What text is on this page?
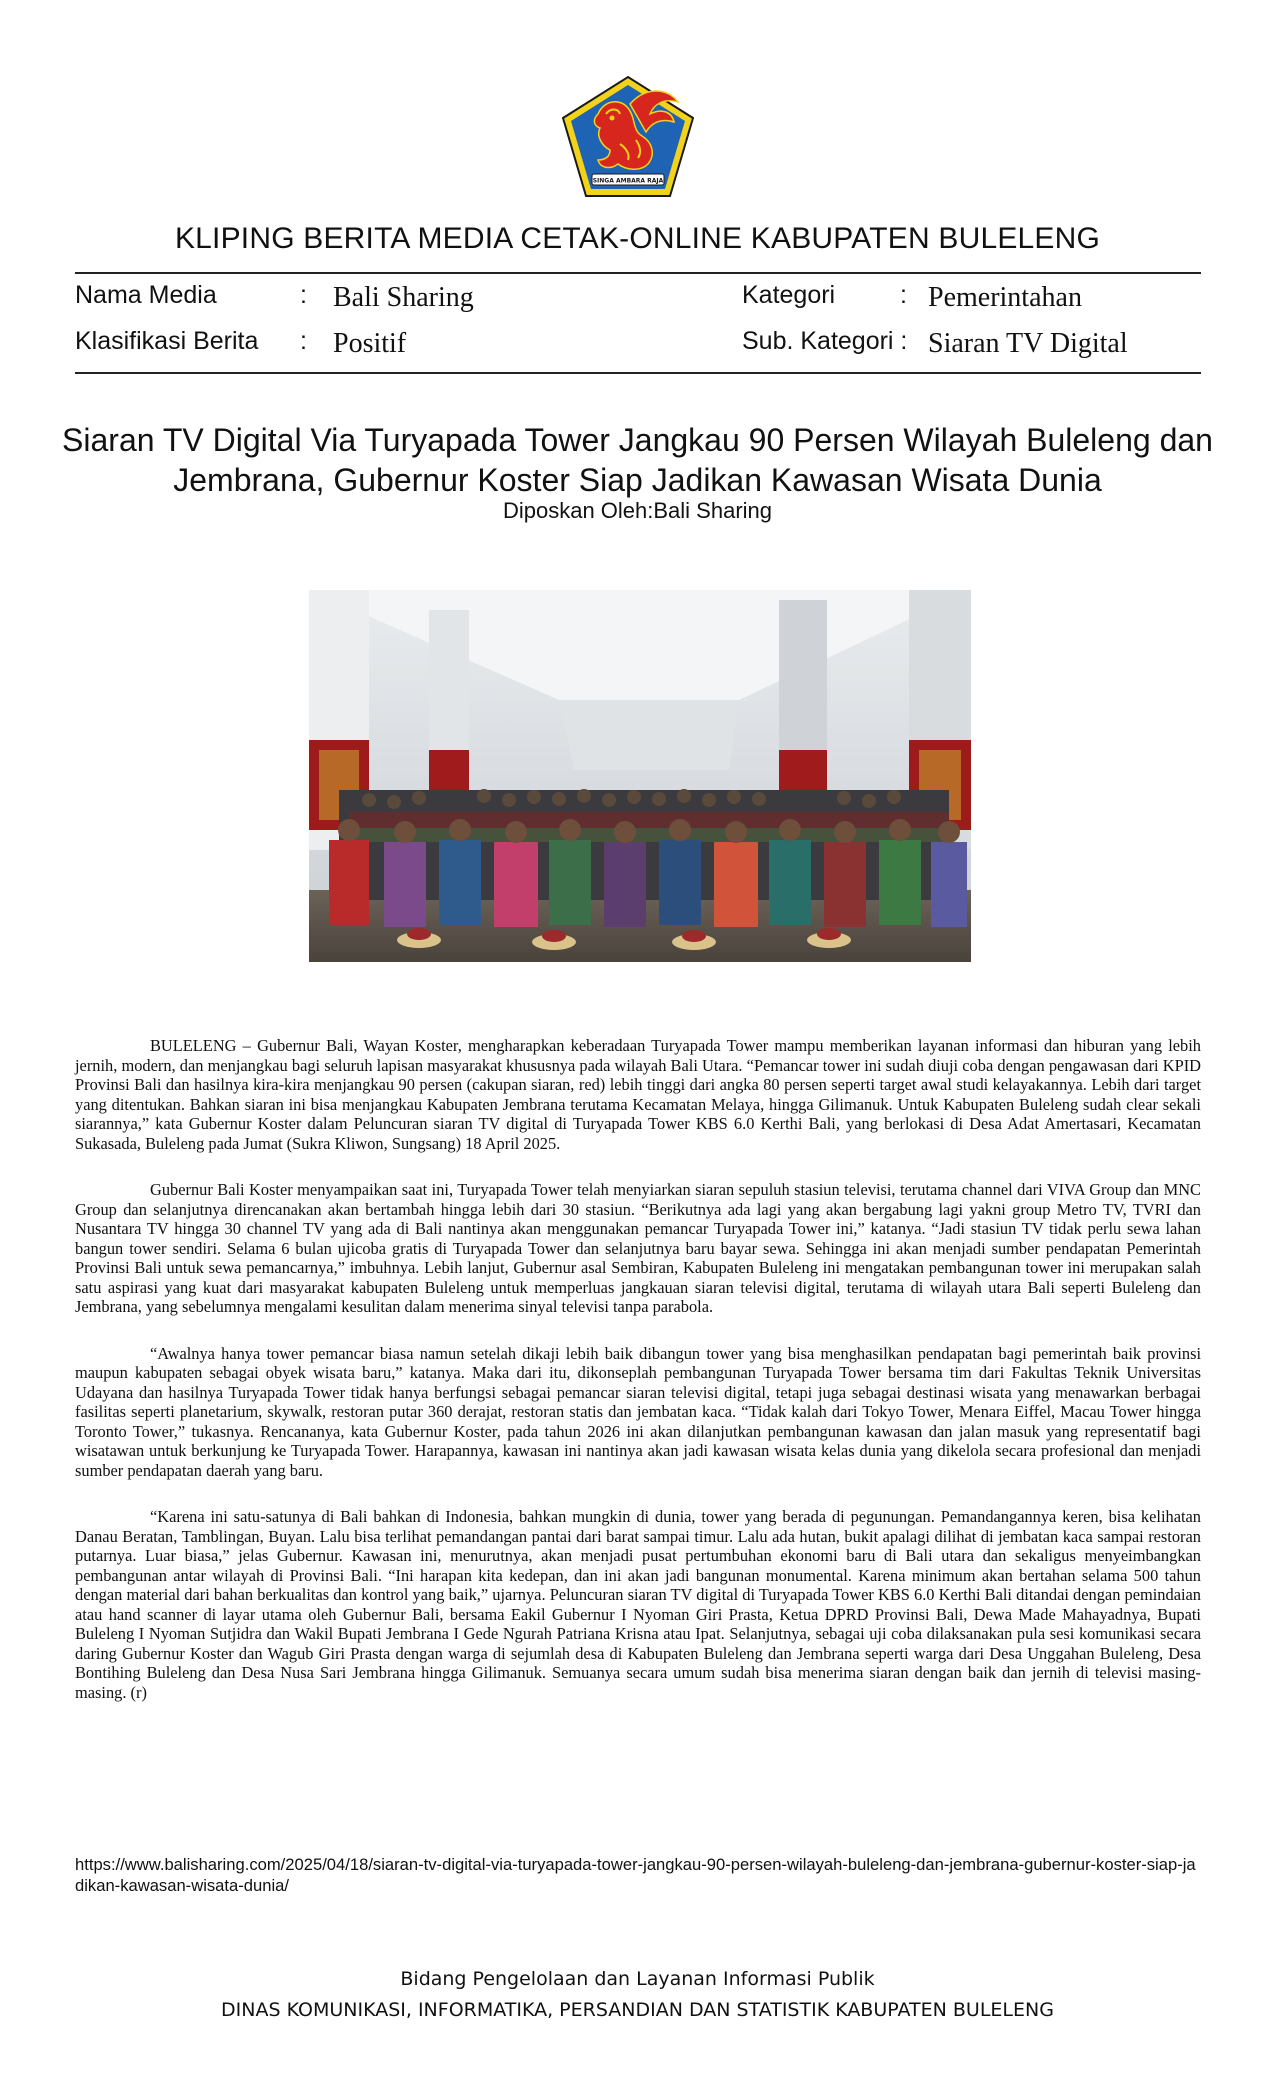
SINGA AMBARA RAJA
KLIPING BERITA MEDIA CETAK-ONLINE KABUPATEN BULELENG
Nama Media	: Bali Sharing
Klasifikasi Berita : Positif
Kategori	: Pemerintahan
Sub. Kategori : Siaran TV Digital
Siaran TV Digital Via Turyapada Tower Jangkau 90 Persen Wilayah Buleleng dan Jembrana, Gubernur Koster Siap Jadikan Kawasan Wisata Dunia
Diposkan Oleh:Bali Sharing

BULELENG – Gubernur Bali, Wayan Koster, mengharapkan keberadaan Turyapada Tower mampu memberikan layanan informasi dan hiburan yang lebih jernih, modern, dan menjangkau bagi seluruh lapisan masyarakat khususnya pada wilayah Bali Utara. “Pemancar tower ini sudah diuji coba dengan pengawasan dari KPID Provinsi Bali dan hasilnya kira-kira menjangkau 90 persen (cakupan siaran, red) lebih tinggi dari angka 80 persen seperti target awal studi kelayakannya. Lebih dari target yang ditentukan. Bahkan siaran ini bisa menjangkau Kabupaten Jembrana terutama Kecamatan Melaya, hingga Gilimanuk. Untuk Kabupaten Buleleng sudah clear sekali siarannya,” kata Gubernur Koster dalam Peluncuran siaran TV digital di Turyapada Tower KBS 6.0 Kerthi Bali, yang berlokasi di Desa Adat Amertasari, Kecamatan Sukasada, Buleleng pada Jumat (Sukra Kliwon, Sungsang) 18 April 2025.

Gubernur Bali Koster menyampaikan saat ini, Turyapada Tower telah menyiarkan siaran sepuluh stasiun televisi, terutama channel dari VIVA Group dan MNC Group dan selanjutnya direncanakan akan bertambah hingga lebih dari 30 stasiun. “Berikutnya ada lagi yang akan bergabung lagi yakni group Metro TV, TVRI dan Nusantara TV hingga 30 channel TV yang ada di Bali nantinya akan menggunakan pemancar Turyapada Tower ini,” katanya. “Jadi stasiun TV tidak perlu sewa lahan bangun tower sendiri. Selama 6 bulan ujicoba gratis di Turyapada Tower dan selanjutnya baru bayar sewa. Sehingga ini akan menjadi sumber pendapatan Pemerintah Provinsi Bali untuk sewa pemancarnya,” imbuhnya. Lebih lanjut, Gubernur asal Sembiran, Kabupaten Buleleng ini mengatakan pembangunan tower ini merupakan salah satu aspirasi yang kuat dari masyarakat kabupaten Buleleng untuk memperluas jangkauan siaran televisi digital, terutama di wilayah utara Bali seperti Buleleng dan Jembrana, yang sebelumnya mengalami kesulitan dalam menerima sinyal televisi tanpa parabola.

“Awalnya hanya tower pemancar biasa namun setelah dikaji lebih baik dibangun tower yang bisa menghasilkan pendapatan bagi pemerintah baik provinsi maupun kabupaten sebagai obyek wisata baru,” katanya. Maka dari itu, dikonseplah pembangunan Turyapada Tower bersama tim dari Fakultas Teknik Universitas Udayana dan hasilnya Turyapada Tower tidak hanya berfungsi sebagai pemancar siaran televisi digital, tetapi juga sebagai destinasi wisata yang menawarkan berbagai fasilitas seperti planetarium, skywalk, restoran putar 360 derajat, restoran statis dan jembatan kaca. “Tidak kalah dari Tokyo Tower, Menara Eiffel, Macau Tower hingga Toronto Tower,” tukasnya. Rencananya, kata Gubernur Koster, pada tahun 2026 ini akan dilanjutkan pembangunan kawasan dan jalan masuk yang representatif bagi wisatawan untuk berkunjung ke Turyapada Tower. Harapannya, kawasan ini nantinya akan jadi kawasan wisata kelas dunia yang dikelola secara profesional dan menjadi sumber pendapatan daerah yang baru.

“Karena ini satu-satunya di Bali bahkan di Indonesia, bahkan mungkin di dunia, tower yang berada di pegunungan. Pemandangannya keren, bisa kelihatan Danau Beratan, Tamblingan, Buyan. Lalu bisa terlihat pemandangan pantai dari barat sampai timur. Lalu ada hutan, bukit apalagi dilihat di jembatan kaca sampai restoran putarnya. Luar biasa,” jelas Gubernur. Kawasan ini, menurutnya, akan menjadi pusat pertumbuhan ekonomi baru di Bali utara dan sekaligus menyeimbangkan pembangunan antar wilayah di Provinsi Bali. “Ini harapan kita kedepan, dan ini akan jadi bangunan monumental. Karena minimum akan bertahan selama 500 tahun dengan material dari bahan berkualitas dan kontrol yang baik,” ujarnya. Peluncuran siaran TV digital di Turyapada Tower KBS 6.0 Kerthi Bali ditandai dengan pemindaian atau hand scanner di layar utama oleh Gubernur Bali, bersama Eakil Gubernur I Nyoman Giri Prasta, Ketua DPRD Provinsi Bali, Dewa Made Mahayadnya, Bupati Buleleng I Nyoman Sutjidra dan Wakil Bupati Jembrana I Gede Ngurah Patriana Krisna atau Ipat. Selanjutnya, sebagai uji coba dilaksanakan pula sesi komunikasi secara daring Gubernur Koster dan Wagub Giri Prasta dengan warga di sejumlah desa di Kabupaten Buleleng dan Jembrana seperti warga dari Desa Unggahan Buleleng, Desa Bontihing Buleleng dan Desa Nusa Sari Jembrana hingga Gilimanuk. Semuanya secara umum sudah bisa menerima siaran dengan baik dan jernih di televisi masing-masing. (r)

https://www.balisharing.com/2025/04/18/siaran-tv-digital-via-turyapada-tower-jangkau-90-persen-wilayah-buleleng-dan-jembrana-gubernur-koster-siap-jadikan-kawasan-wisata-dunia/
Bidang Pengelolaan dan Layanan Informasi Publik
DINAS KOMUNIKASI, INFORMATIKA, PERSANDIAN DAN STATISTIK KABUPATEN BULELENG
